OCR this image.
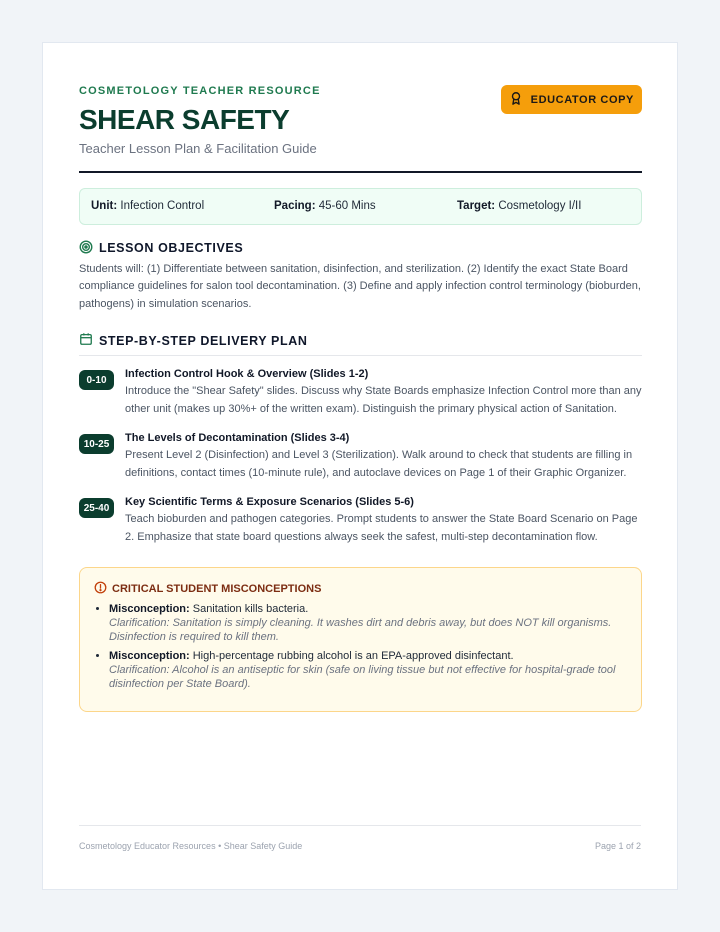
COSMETOLOGY TEACHER RESOURCE
SHEAR SAFETY
Teacher Lesson Plan & Facilitation Guide
EDUCATOR COPY
Unit: Infection Control	Pacing: 45-60 Mins	Target: Cosmetology I/II
LESSON OBJECTIVES

Students will: (1) Differentiate between sanitation, disinfection, and sterilization. (2) Identify the exact State Board compliance guidelines for salon tool decontamination. (3) Define and apply infection control terminology (bioburden, pathogens) in simulation scenarios.

STEP-BY-STEP DELIVERY PLAN
0-10	Infection Control Hook & Overview (Slides 1-2)
Introduce the "Shear Safety" slides. Discuss why State Boards emphasize Infection Control more than any other unit (makes up 30%+ of the written exam). Distinguish the primary physical action of Sanitation.
10-25	The Levels of Decontamination (Slides 3-4)
Present Level 2 (Disinfection) and Level 3 (Sterilization). Walk around to check that students are filling in definitions, contact times (10-minute rule), and autoclave devices on Page 1 of their Graphic Organizer.
25-40	Key Scientific Terms & Exposure Scenarios (Slides 5-6)
Teach bioburden and pathogen categories. Prompt students to answer the State Board Scenario on Page 2. Emphasize that state board questions always seek the safest, multi-step decontamination flow.
CRITICAL STUDENT MISCONCEPTIONS
• Misconception: Sanitation kills bacteria.
Clarification: Sanitation is simply cleaning. It washes dirt and debris away, but does NOT kill organisms. Disinfection is required to kill them.
• Misconception: High-percentage rubbing alcohol is an EPA-approved disinfectant.
Clarification: Alcohol is an antiseptic for skin (safe on living tissue but not effective for hospital-grade tool disinfection per State Board).
Cosmetology Educator Resources • Shear Safety Guide	Page 1 of 2
